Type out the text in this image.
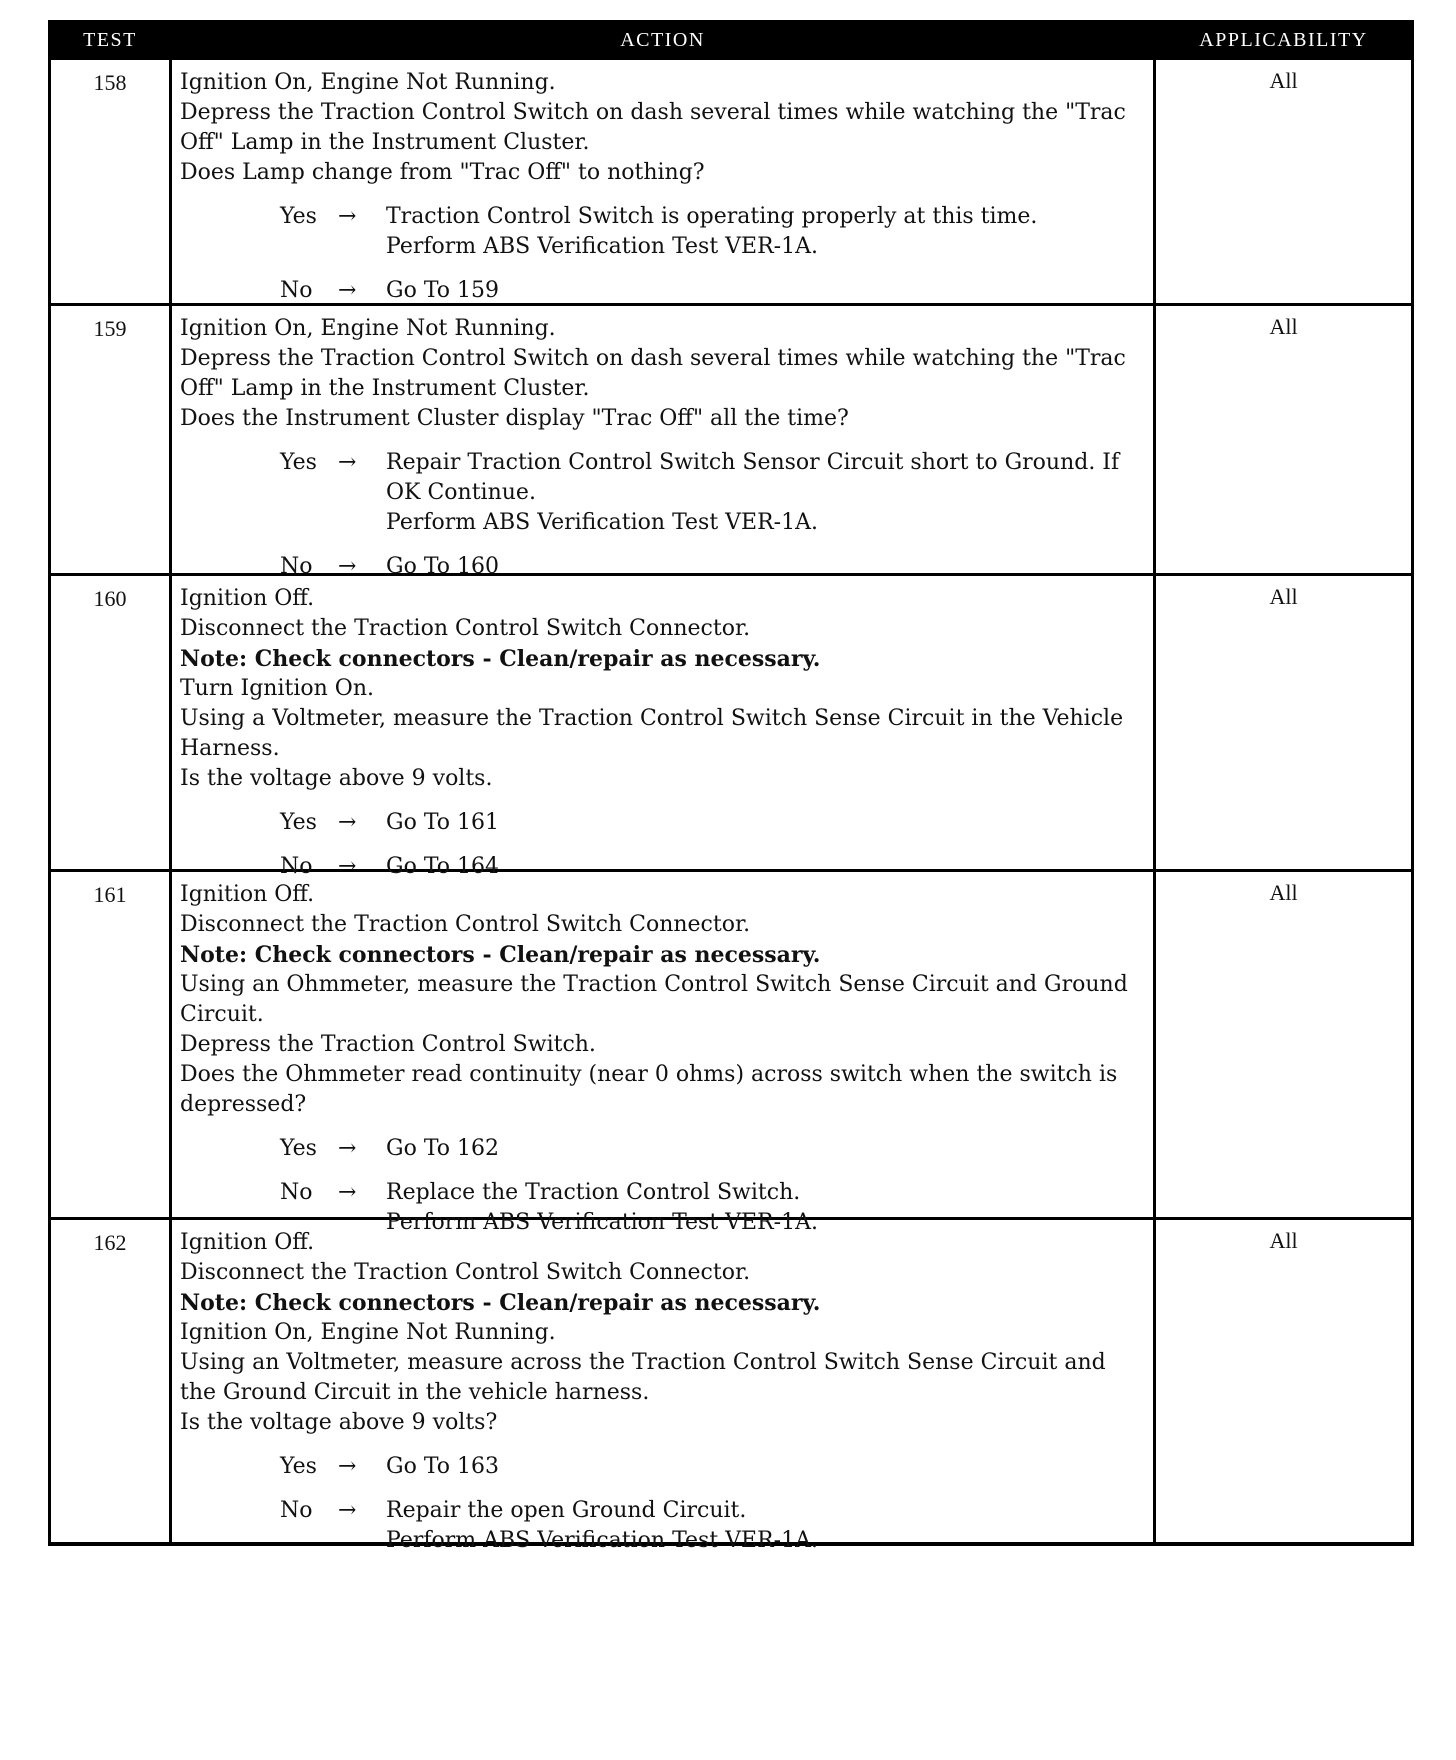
TEST	ACTION	APPLICABILITY
158	Ignition On, Engine Not Running.
Depress the Traction Control Switch on dash several times while watching the "Trac
Off" Lamp in the Instrument Cluster.
Does Lamp change from "Trac Off" to nothing?
Yes →	Traction Control Switch is operating properly at this time.
Perform ABS Verification Test VER-1A.
No	→	Go To 159
All
159	Ignition On, Engine Not Running.
Depress the Traction Control Switch on dash several times while watching the "Trac
Off" Lamp in the Instrument Cluster.
Does the Instrument Cluster display "Trac Off" all the time?
Yes →	Repair Traction Control Switch Sensor Circuit short to Ground. If
OK Continue.
Perform ABS Verification Test VER-1A.
No	→	Go To 160
All
160	Ignition Off.
Disconnect the Traction Control Switch Connector.
Note: Check connectors - Clean/repair as necessary.
Turn Ignition On.
Using a Voltmeter, measure the Traction Control Switch Sense Circuit in the Vehicle
Harness.
Is the voltage above 9 volts.
Yes →	Go To 161
No	→	Go To 164
All
161	Ignition Off.
Disconnect the Traction Control Switch Connector.
Note: Check connectors - Clean/repair as necessary.
Using an Ohmmeter, measure the Traction Control Switch Sense Circuit and Ground
Circuit.
Depress the Traction Control Switch.
Does the Ohmmeter read continuity (near 0 ohms) across switch when the switch is
depressed?
Yes →	Go To 162
No	→	Replace the Traction Control Switch.
Perform ABS Verification Test VER-1A.
All
162	Ignition Off.
Disconnect the Traction Control Switch Connector.
Note: Check connectors - Clean/repair as necessary.
Ignition On, Engine Not Running.
Using an Voltmeter, measure across the Traction Control Switch Sense Circuit and
the Ground Circuit in the vehicle harness.
Is the voltage above 9 volts?
Yes →	Go To 163
No	→	Repair the open Ground Circuit.
Perform ABS Verification Test VER-1A.
All
